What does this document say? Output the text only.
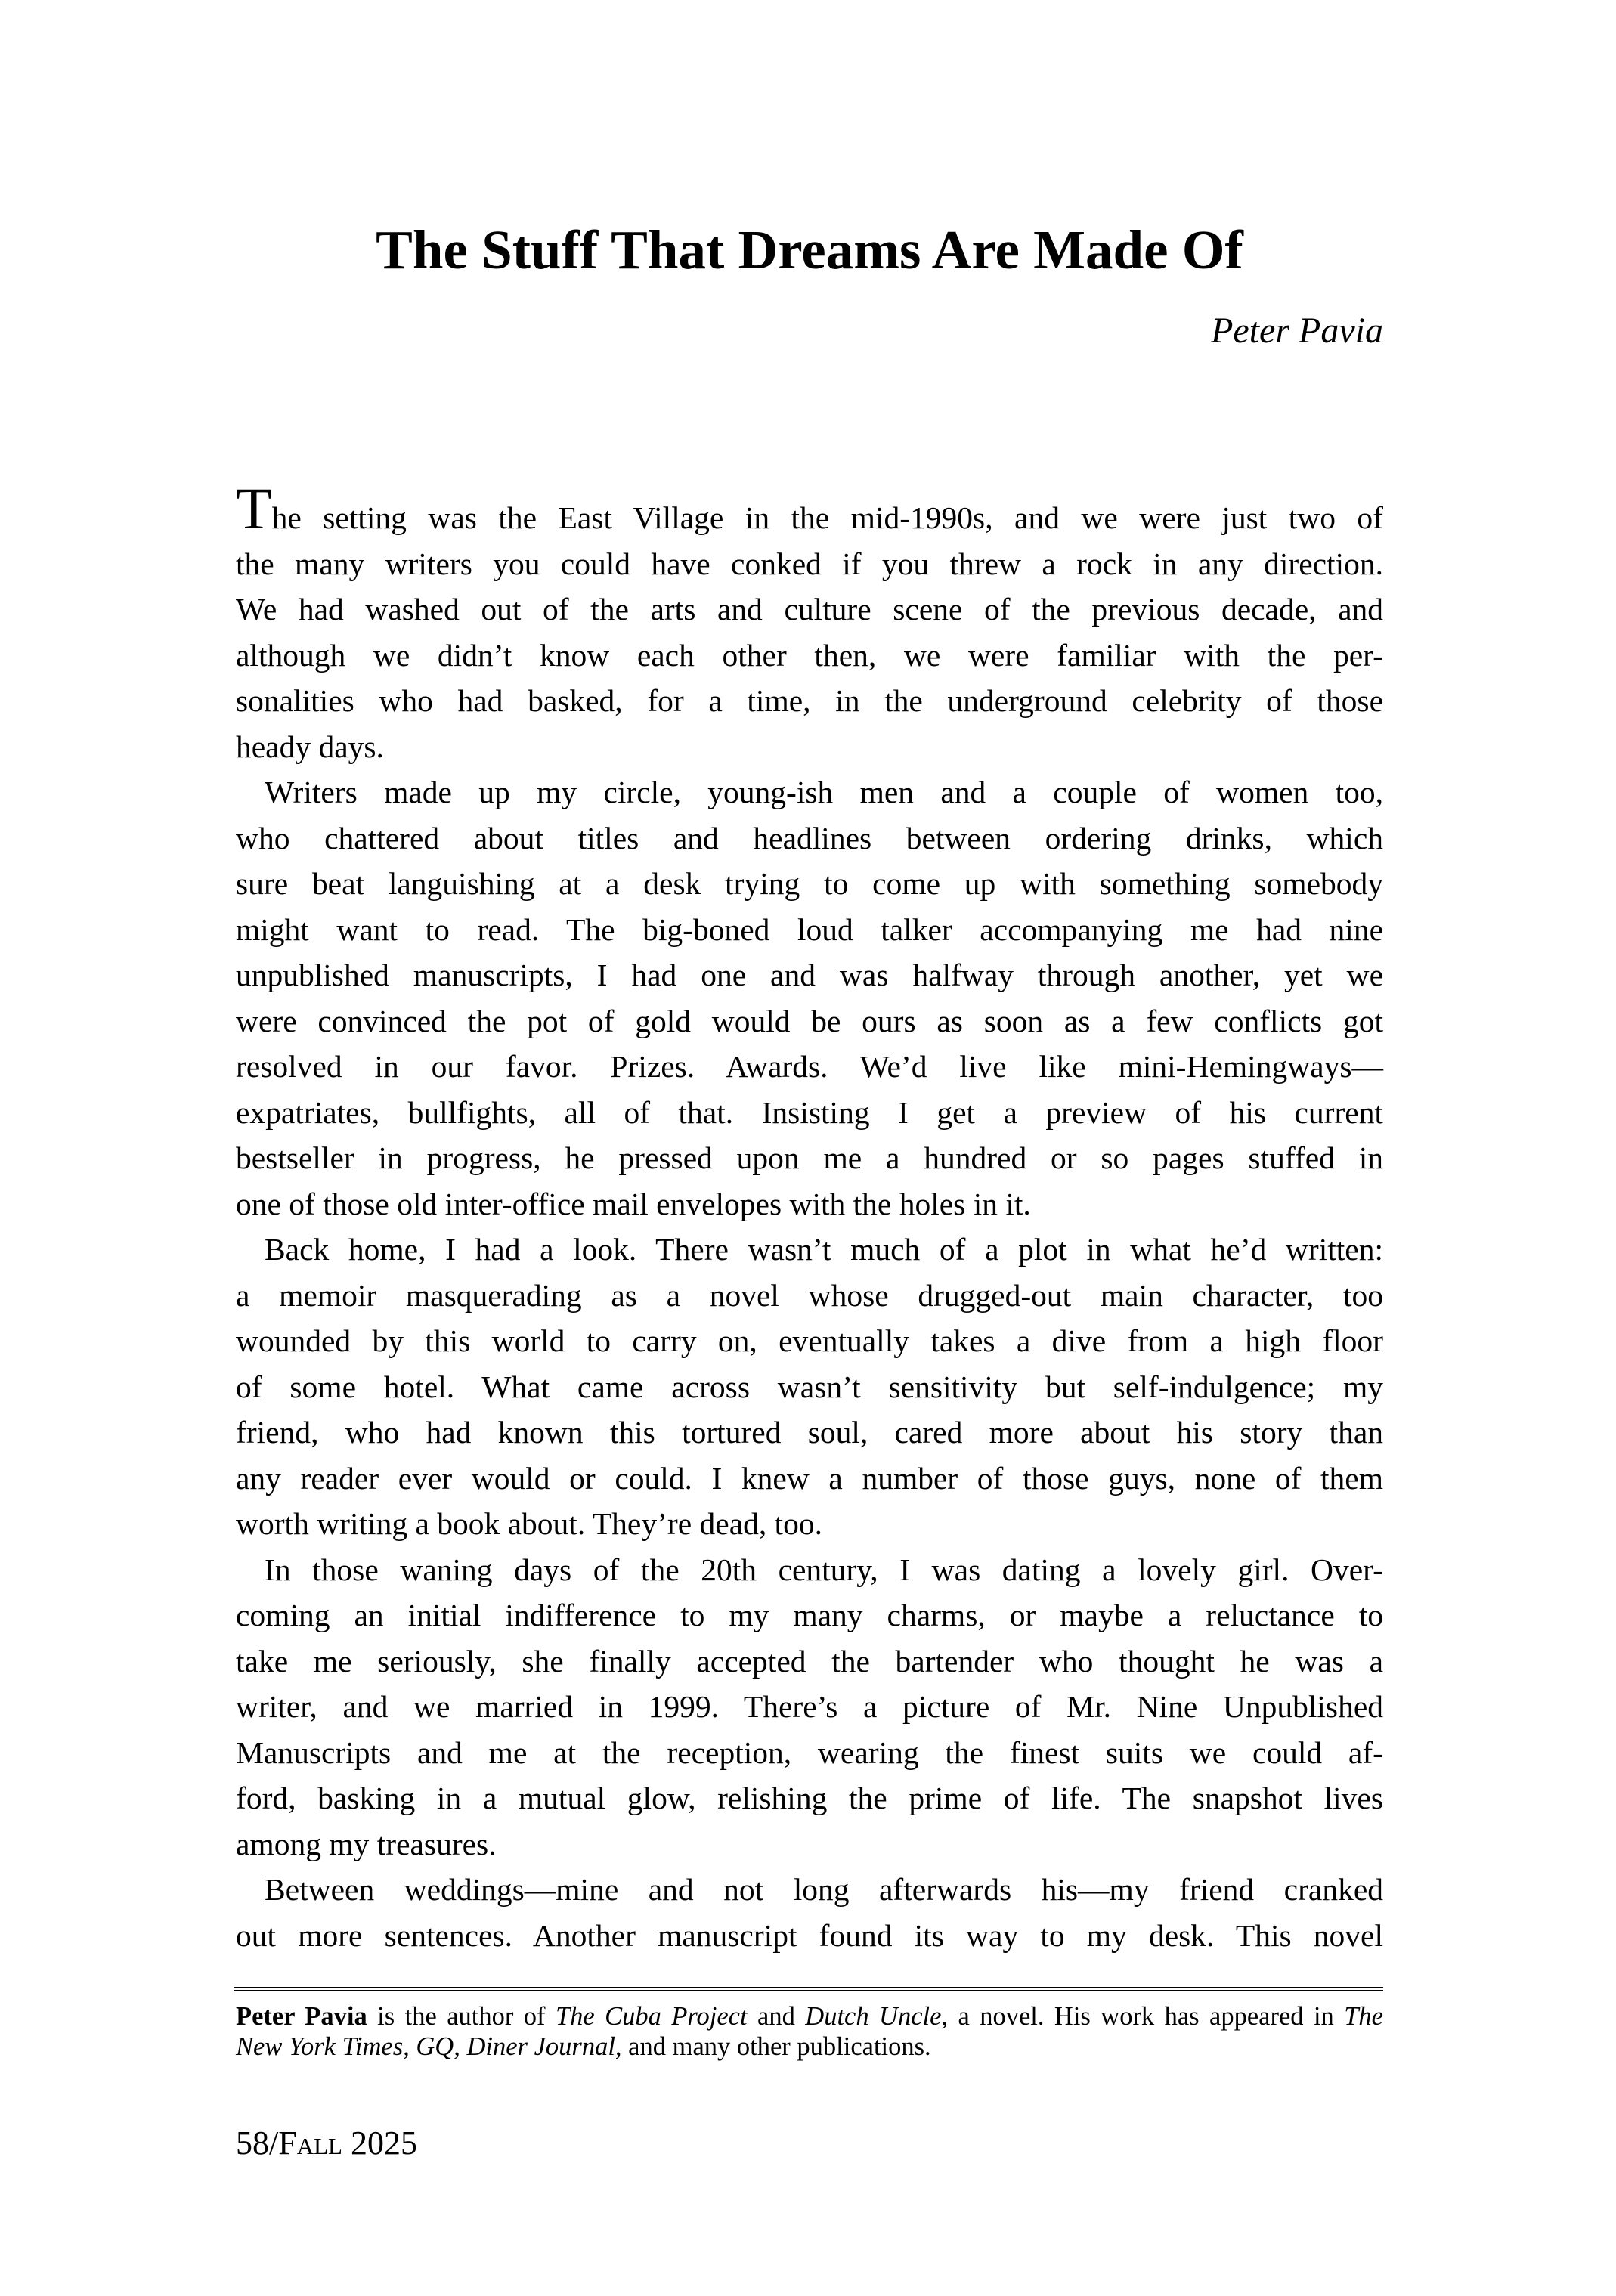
The Stuff That Dreams Are Made Of
Peter Pavia
The setting was the East Village in the mid-1990s, and we were just two of
the many writers you could have conked if you threw a rock in any direction.
We had washed out of the arts and culture scene of the previous decade, and
although we didn’t know each other then, we were familiar with the per-
sonalities who had basked, for a time, in the underground celebrity of those
heady days.
Writers made up my circle, young-ish men and a couple of women too,
who chattered about titles and headlines between ordering drinks, which
sure beat languishing at a desk trying to come up with something somebody
might want to read. The big-boned loud talker accompanying me had nine
unpublished manuscripts, I had one and was halfway through another, yet we
were convinced the pot of gold would be ours as soon as a few conflicts got
resolved in our favor. Prizes. Awards. We’d live like mini-Hemingways—
expatriates, bullfights, all of that. Insisting I get a preview of his current
bestseller in progress, he pressed upon me a hundred or so pages stuffed in
one of those old inter-office mail envelopes with the holes in it.
Back home, I had a look. There wasn’t much of a plot in what he’d written:
a memoir masquerading as a novel whose drugged-out main character, too
wounded by this world to carry on, eventually takes a dive from a high floor
of some hotel. What came across wasn’t sensitivity but self-indulgence; my
friend, who had known this tortured soul, cared more about his story than
any reader ever would or could. I knew a number of those guys, none of them
worth writing a book about. They’re dead, too.
In those waning days of the 20th century, I was dating a lovely girl. Over-
coming an initial indifference to my many charms, or maybe a reluctance to
take me seriously, she finally accepted the bartender who thought he was a
writer, and we married in 1999. There’s a picture of Mr. Nine Unpublished
Manuscripts and me at the reception, wearing the finest suits we could af-
ford, basking in a mutual glow, relishing the prime of life. The snapshot lives
among my treasures.
Between weddings—mine and not long afterwards his—my friend cranked
out more sentences. Another manuscript found its way to my desk. This novel
Peter Pavia is the author of The Cuba Project and Dutch Uncle, a novel. His work has appeared in The
New York Times, GQ, Diner Journal, and many other publications.
58/Fall 2025
